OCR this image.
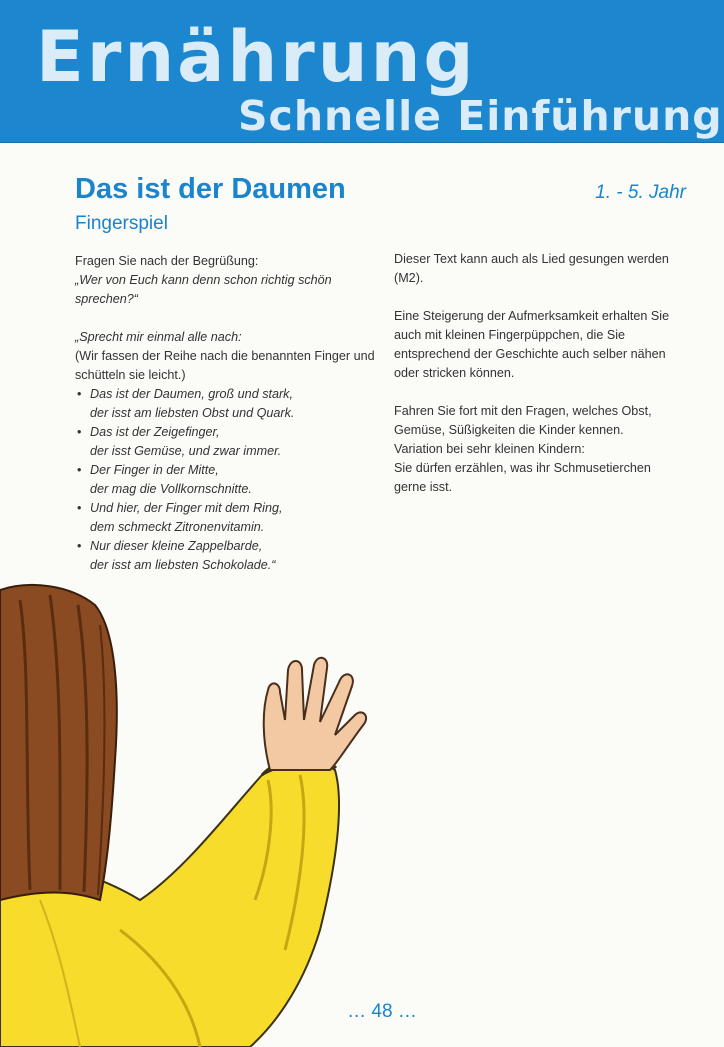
Ernährung
Schnelle Einführung
Das ist der Daumen
Fingerspiel
1. - 5. Jahr

Fragen Sie nach der Begrüßung:

„Wer von Euch kann denn schon richtig schön sprechen?“

„Sprecht mir einmal alle nach:

(Wir fassen der Reihe nach die benannten Finger und schütteln sie leicht.)

• Das ist der Daumen, groß und stark,
der isst am liebsten Obst und Quark.
• Das ist der Zeigefinger,
der isst Gemüse, und zwar immer.
• Der Finger in der Mitte,
der mag die Vollkornschnitte.
• Und hier, der Finger mit dem Ring,
dem schmeckt Zitronenvitamin.
• Nur dieser kleine Zappelbarde,
der isst am liebsten Schokolade.“

Dieser Text kann auch als Lied gesungen werden (M2).

Eine Steigerung der Aufmerksamkeit erhalten Sie auch mit kleinen Fingerpüppchen, die Sie entsprechend der Geschichte auch selber nähen oder stricken können.

Fahren Sie fort mit den Fragen, welches Obst, Gemüse, Süßigkeiten die Kinder kennen.

Variation bei sehr kleinen Kindern:

Sie dürfen erzählen, was ihr Schmusetierchen gerne isst.

… 48 …
